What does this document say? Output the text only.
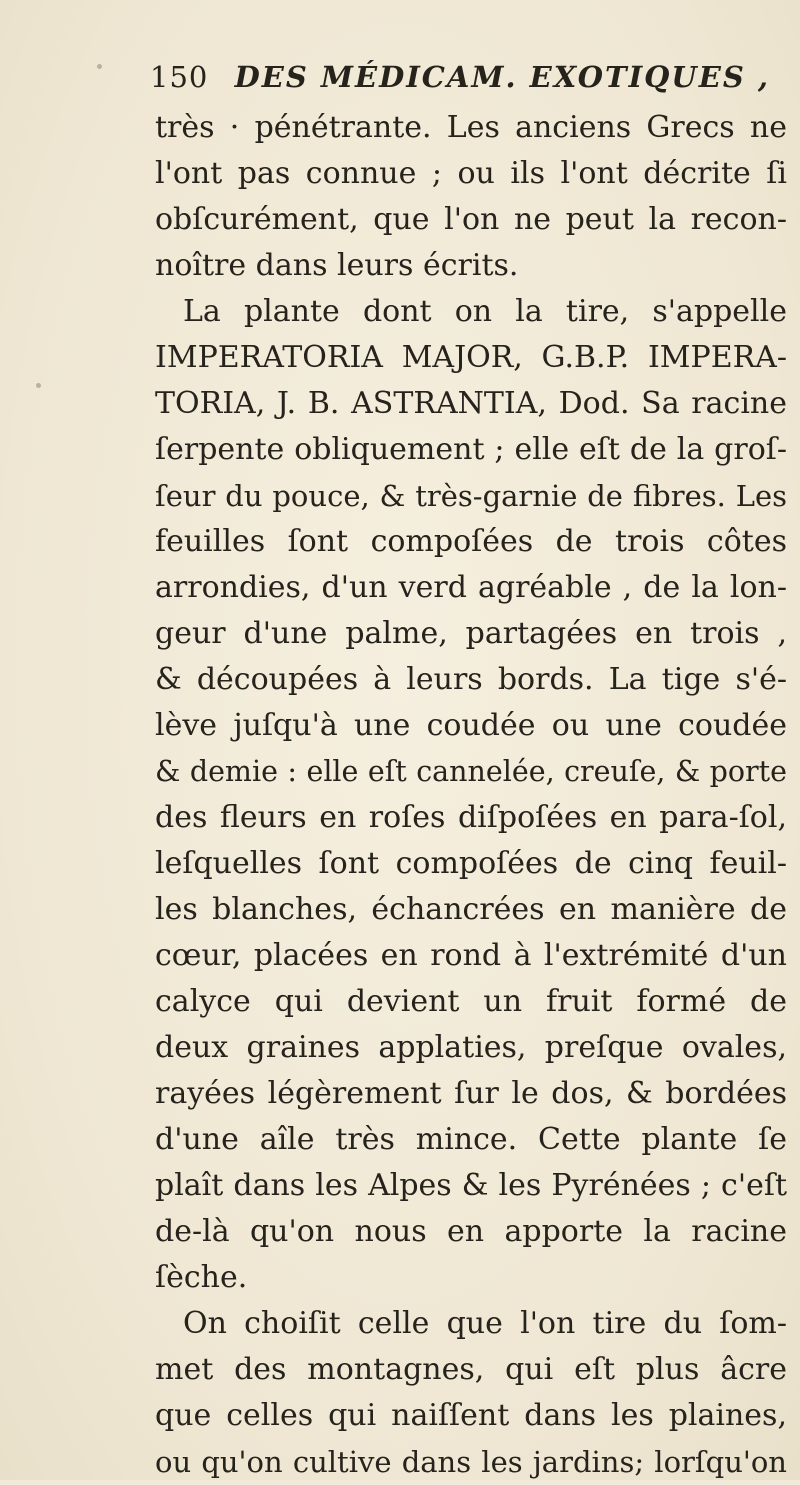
150 DES MÉDICAM. EXOTIQUES ,
très · pénétrante. Les anciens Grecs ne
l'ont pas connue ; ou ils l'ont décrite ſi
obſcurément, que l'on ne peut la recon-
noître dans leurs écrits.
La plante dont on la tire, s'appelle
IMPERATORIA MAJOR, G.B.P. IMPERA-
TORIA, J. B. ASTRANTIA, Dod. Sa racine
ſerpente obliquement ; elle eſt de la groſ-
ſeur du pouce, & très-garnie de fibres. Les
feuilles ſont compoſées de trois côtes
arrondies, d'un verd agréable , de la lon-
geur d'une palme, partagées en trois ,
& découpées à leurs bords. La tige s'é-
lève juſqu'à une coudée ou une coudée
& demie : elle eſt cannelée, creuſe, & porte
des fleurs en roſes diſpoſées en para-ſol,
leſquelles ſont compoſées de cinq feuil-
les blanches, échancrées en manière de
cœur, placées en rond à l'extrémité d'un
calyce qui devient un fruit formé de
deux graines applaties, preſque ovales,
rayées légèrement ſur le dos, & bordées
d'une aîle très mince. Cette plante ſe
plaît dans les Alpes & les Pyrénées ; c'eſt
de-là qu'on nous en apporte la racine
ſèche.
On choiſit celle que l'on tire du ſom-
met des montagnes, qui eſt plus âcre
que celles qui naiſſent dans les plaines,
ou qu'on cultive dans les jardins; lorſqu'on
